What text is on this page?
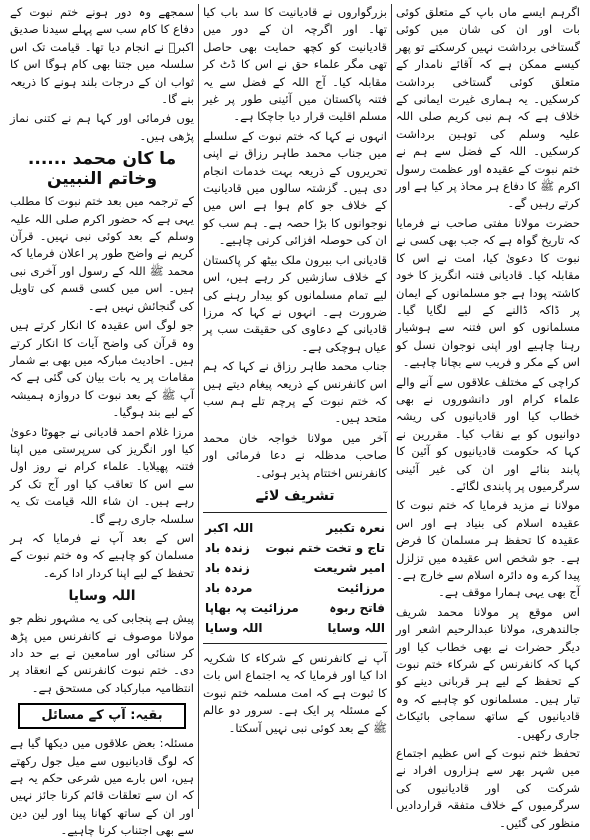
اگرہم ایسے ماں باپ کے متعلق کوئی بات اور ان کی شان میں کوئی گستاخی برداشت نہیں کرسکتے تو پھر کیسے ممکن ہے کہ آقائے نامدار کے متعلق کوئی گستاخی برداشت کرسکیں۔ یہ ہماری غیرت ایمانی کے خلاف ہے کہ ہم نبی کریم صلی اللہ علیہ وسلم کی توہین برداشت کرسکیں۔ اللہ کے فضل سے ہم نے ختم نبوت کے عقیدہ اور عظمت رسول اکرم ﷺ کا دفاع ہر محاذ پر کیا ہے اور کرتے رہیں گے۔

حضرت مولانا مفتی صاحب نے فرمایا کہ تاریخ گواہ ہے کہ جب بھی کسی نے نبوت کا دعویٰ کیا، امت نے اس کا مقابلہ کیا۔ قادیانی فتنہ انگریز کا خود کاشتہ پودا ہے جو مسلمانوں کے ایمان پر ڈاکہ ڈالنے کے لیے لگایا گیا۔ مسلمانوں کو اس فتنہ سے ہوشیار رہنا چاہیے اور اپنی نوجوان نسل کو اس کے مکر و فریب سے بچانا چاہیے۔

کراچی کے مختلف علاقوں سے آنے والے علماء کرام اور دانشوروں نے بھی خطاب کیا اور قادیانیوں کی ریشہ دوانیوں کو بے نقاب کیا۔ مقررین نے کہا کہ حکومت قادیانیوں کو آئین کا پابند بنائے اور ان کی غیر آئینی سرگرمیوں پر پابندی لگائے۔

مولانا نے مزید فرمایا کہ ختم نبوت کا عقیدہ اسلام کی بنیاد ہے اور اس عقیدہ کا تحفظ ہر مسلمان کا فرض ہے۔ جو شخص اس عقیدہ میں تزلزل پیدا کرے وہ دائرہ اسلام سے خارج ہے۔ آج بھی یہی ہمارا موقف ہے۔

اس موقع پر مولانا محمد شریف جالندھری، مولانا عبدالرحیم اشعر اور دیگر حضرات نے بھی خطاب کیا اور کہا کہ کانفرنس کے شرکاء ختم نبوت کے تحفظ کے لیے ہر قربانی دینے کو تیار ہیں۔ مسلمانوں کو چاہیے کہ وہ قادیانیوں کے ساتھ سماجی بائیکاٹ جاری رکھیں۔

تحفظ ختم نبوت کے اس عظیم اجتماع میں شہر بھر سے ہزاروں افراد نے شرکت کی اور قادیانیوں کی سرگرمیوں کے خلاف متفقہ قراردادیں منظور کی گئیں۔

بزرگواروں نے قادیانیت کا سد باب کیا تھا۔ اور اگرچہ ان کے دور میں قادیانیت کو کچھ حمایت بھی حاصل تھی مگر علماء حق نے اس کا ڈٹ کر مقابلہ کیا۔ آج اللہ کے فضل سے یہ فتنہ پاکستان میں آئینی طور پر غیر مسلم اقلیت قرار دیا جاچکا ہے۔

انہوں نے کہا کہ ختم نبوت کے سلسلے میں جناب محمد طاہر رزاق نے اپنی تحریروں کے ذریعہ بہت خدمات انجام دی ہیں۔ گزشتہ سالوں میں قادیانیت کے خلاف جو کام ہوا ہے اس میں نوجوانوں کا بڑا حصہ ہے۔ ہم سب کو ان کی حوصلہ افزائی کرنی چاہیے۔

قادیانی اب بیرون ملک بیٹھ کر پاکستان کے خلاف سازشیں کر رہے ہیں، اس لیے تمام مسلمانوں کو بیدار رہنے کی ضرورت ہے۔ انہوں نے کہا کہ مرزا قادیانی کے دعاوی کی حقیقت سب پر عیاں ہوچکی ہے۔

جناب محمد طاہر رزاق نے کہا کہ ہم اس کانفرنس کے ذریعہ پیغام دیتے ہیں کہ ختم نبوت کے پرچم تلے ہم سب متحد ہیں۔

آخر میں مولانا خواجہ خان محمد صاحب مدظلہ نے دعا فرمائی اور کانفرنس اختتام پذیر ہوئی۔

تشریف لائے
نعرہ تکبیر
اللہ اکبر
تاج و تخت ختم نبوت
زندہ باد
امیر شریعت
زندہ باد
مرزائیت
مردہ باد
فاتح ربوہ
مرزائیت پہ بھاپا
اللہ وسایا
اللہ وسایا

آپ نے کانفرنس کے شرکاء کا شکریہ ادا کیا اور فرمایا کہ یہ اجتماع اس بات کا ثبوت ہے کہ امت مسلمہ ختم نبوت کے مسئلہ پر ایک ہے۔ سرور دو عالم ﷺ کے بعد کوئی نبی نہیں آسکتا۔

سمجھے وہ دور ہونے ختم نبوت کے دفاع کا کام سب سے پہلے سیدنا صدیق اکبرؓ نے انجام دیا تھا۔ قیامت تک اس سلسلہ میں جتنا بھی کام ہوگا اس کا ثواب ان کے درجات بلند ہونے کا ذریعہ بنے گا۔

یوں فرمائی اور کہا ہم نے کتنی نماز پڑھی ہیں۔

ما کان محمد ...... وخاتم النبیین

کے ترجمہ میں بعد ختم نبوت کا مطلب یہی ہے کہ حضور اکرم صلی اللہ علیہ وسلم کے بعد کوئی نبی نہیں۔ قرآن کریم نے واضح طور پر اعلان فرمایا کہ محمد ﷺ اللہ کے رسول اور آخری نبی ہیں۔ اس میں کسی قسم کی تاویل کی گنجائش نہیں ہے۔

جو لوگ اس عقیدہ کا انکار کرتے ہیں وہ قرآن کی واضح آیات کا انکار کرتے ہیں۔ احادیث مبارکہ میں بھی بے شمار مقامات پر یہ بات بیان کی گئی ہے کہ آپ ﷺ کے بعد نبوت کا دروازہ ہمیشہ کے لیے بند ہوگیا۔

مرزا غلام احمد قادیانی نے جھوٹا دعویٰ کیا اور انگریز کی سرپرستی میں اپنا فتنہ پھیلایا۔ علماء کرام نے روز اول سے اس کا تعاقب کیا اور آج تک کر رہے ہیں۔ ان شاء اللہ قیامت تک یہ سلسلہ جاری رہے گا۔

اس کے بعد آپ نے فرمایا کہ ہر مسلمان کو چاہیے کہ وہ ختم نبوت کے تحفظ کے لیے اپنا کردار ادا کرے۔

اللہ وسایا

پیش ہے پنجابی کی یہ مشہور نظم جو مولانا موصوف نے کانفرنس میں پڑھ کر سنائی اور سامعین نے بے حد داد دی۔ ختم نبوت کانفرنس کے انعقاد پر انتظامیہ مبارکباد کی مستحق ہے۔

بقیہ: آپ کے مسائل

مسئلہ: بعض علاقوں میں دیکھا گیا ہے کہ لوگ قادیانیوں سے میل جول رکھتے ہیں، اس بارے میں شرعی حکم یہ ہے کہ ان سے تعلقات قائم کرنا جائز نہیں اور ان کے ساتھ کھانا پینا اور لین دین سے بھی اجتناب کرنا چاہیے۔
